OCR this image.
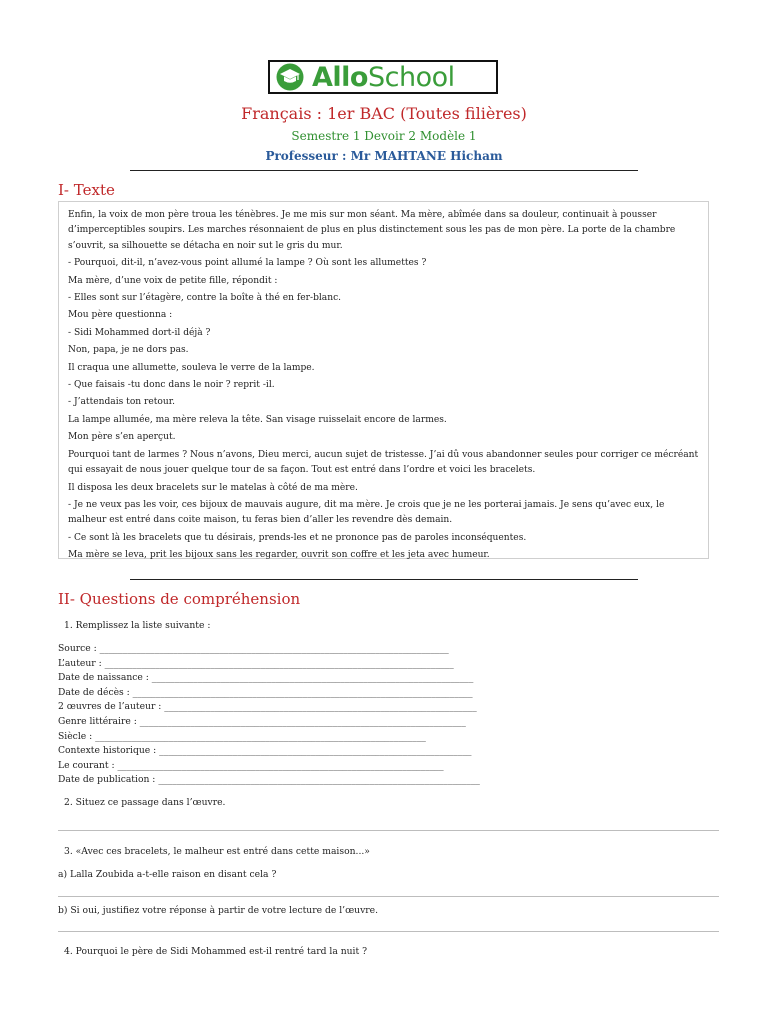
AlloSchool
Français : 1er BAC (Toutes filières)
Semestre 1 Devoir 2 Modèle 1
Professeur : Mr MAHTANE Hicham
I- Texte

Enfin, la voix de mon père troua les ténèbres. Je me mis sur mon séant. Ma mère, abîmée dans sa douleur, continuait à pousser d’imperceptibles soupirs. Les marches résonnaient de plus en plus distinctement sous les pas de mon père. La porte de la chambre s’ouvrit, sa silhouette se détacha en noir sut le gris du mur.

- Pourquoi, dit-il, n’avez-vous point allumé la lampe ? Où sont les allumettes ?

Ma mère, d’une voix de petite fille, répondit :

- Elles sont sur l’étagère, contre la boîte à thé en fer-blanc.

Mou père questionna :

- Sidi Mohammed dort-il déjà ?

Non, papa, je ne dors pas.

Il craqua une allumette, souleva le verre de la lampe.

- Que faisais -tu donc dans le noir ? reprit -il.

- J’attendais ton retour.

La lampe allumée, ma mère releva la tête. San visage ruisselait encore de larmes.

Mon père s’en aperçut.

Pourquoi tant de larmes ? Nous n’avons, Dieu merci, aucun sujet de tristesse. J’ai dû vous abandonner seules pour corriger ce mécréant qui essayait de nous jouer quelque tour de sa façon. Tout est entré dans l’ordre et voici les bracelets.

Il disposa les deux bracelets sur le matelas à côté de ma mère.

- Je ne veux pas les voir, ces bijoux de mauvais augure, dit ma mère. Je crois que je ne les porterai jamais. Je sens qu’avec eux, le malheur est entré dans coite maison, tu feras bien d’aller les revendre dès demain.

- Ce sont là les bracelets que tu désirais, prends-les et ne prononce pas de paroles inconséquentes.

Ma mère se leva, prit les bijoux sans les regarder, ouvrit son coffre et les jeta avec humeur.

II- Questions de compréhension
1. Remplissez la liste suivante :
Source : ____________________________________________________________________________
L’auteur : ____________________________________________________________________________
Date de naissance : ______________________________________________________________________
Date de décès : __________________________________________________________________________
2 œuvres de l’auteur : ____________________________________________________________________
Genre littéraire : _______________________________________________________________________
Siècle : ________________________________________________________________________
Contexte historique : ____________________________________________________________________
Le courant : _______________________________________________________________________
Date de publication : ______________________________________________________________________
2. Situez ce passage dans l’œuvre.
3. «Avec ces bracelets, le malheur est entré dans cette maison...»
a) Lalla Zoubida a-t-elle raison en disant cela ?
b) Si oui, justifiez votre réponse à partir de votre lecture de l’œuvre.
4. Pourquoi le père de Sidi Mohammed est-il rentré tard la nuit ?
